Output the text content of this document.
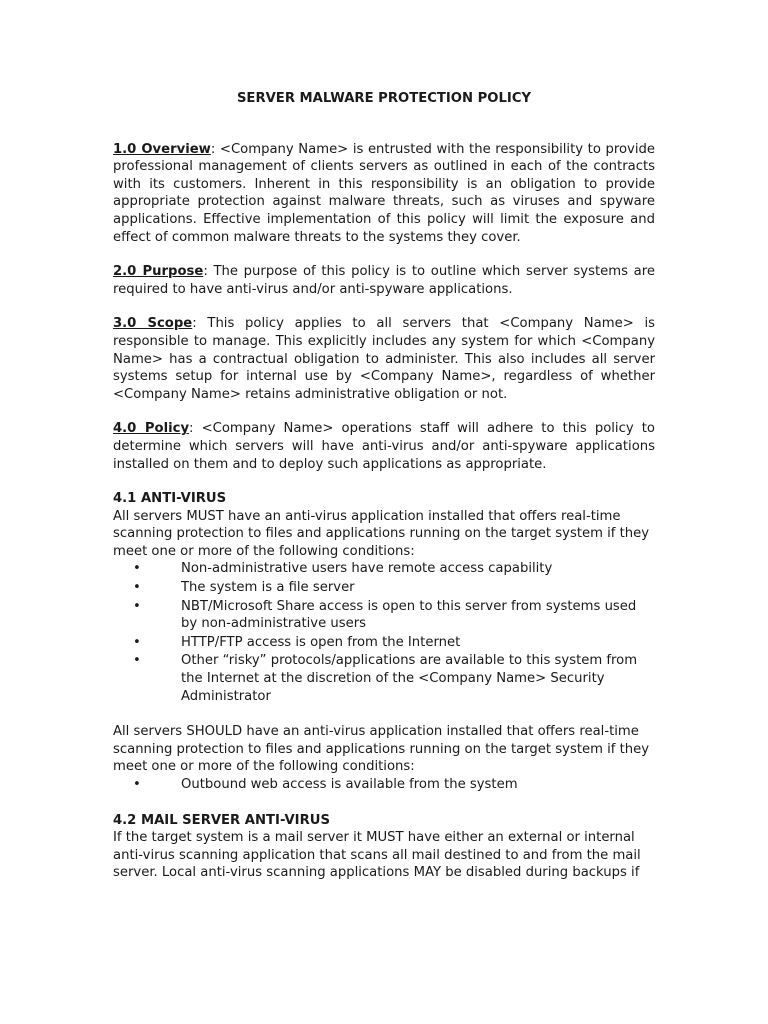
SERVER MALWARE PROTECTION POLICY

1.0 Overview: <Company Name> is entrusted with the responsibility to provide professional management of clients servers as outlined in each of the contracts with its customers. Inherent in this responsibility is an obligation to provide appropriate protection against malware threats, such as viruses and spyware applications. Effective implementation of this policy will limit the exposure and effect of common malware threats to the systems they cover.

2.0 Purpose: The purpose of this policy is to outline which server systems are required to have anti-virus and/or anti-spyware applications.

3.0 Scope: This policy applies to all servers that <Company Name> is responsible to manage. This explicitly includes any system for which <Company Name> has a contractual obligation to administer. This also includes all server systems setup for internal use by <Company Name>, regardless of whether <Company Name> retains administrative obligation or not.

4.0 Policy: <Company Name> operations staff will adhere to this policy to determine which servers will have anti-virus and/or anti-spyware applications installed on them and to deploy such applications as appropriate.

4.1 ANTI-VIRUS

All servers MUST have an anti-virus application installed that offers real-time scanning protection to files and applications running on the target system if they meet one or more of the following conditions:

•	Non-administrative users have remote access capability
•	The system is a file server
•	NBT/Microsoft Share access is open to this server from systems used by non-administrative users
•	HTTP/FTP access is open from the Internet
•	Other “risky” protocols/applications are available to this system from the Internet at the discretion of the <Company Name> Security Administrator

All servers SHOULD have an anti-virus application installed that offers real-time scanning protection to files and applications running on the target system if they meet one or more of the following conditions:

•	Outbound web access is available from the system
4.2 MAIL SERVER ANTI-VIRUS

If the target system is a mail server it MUST have either an external or internal anti-virus scanning application that scans all mail destined to and from the mail server. Local anti-virus scanning applications MAY be disabled during backups if
